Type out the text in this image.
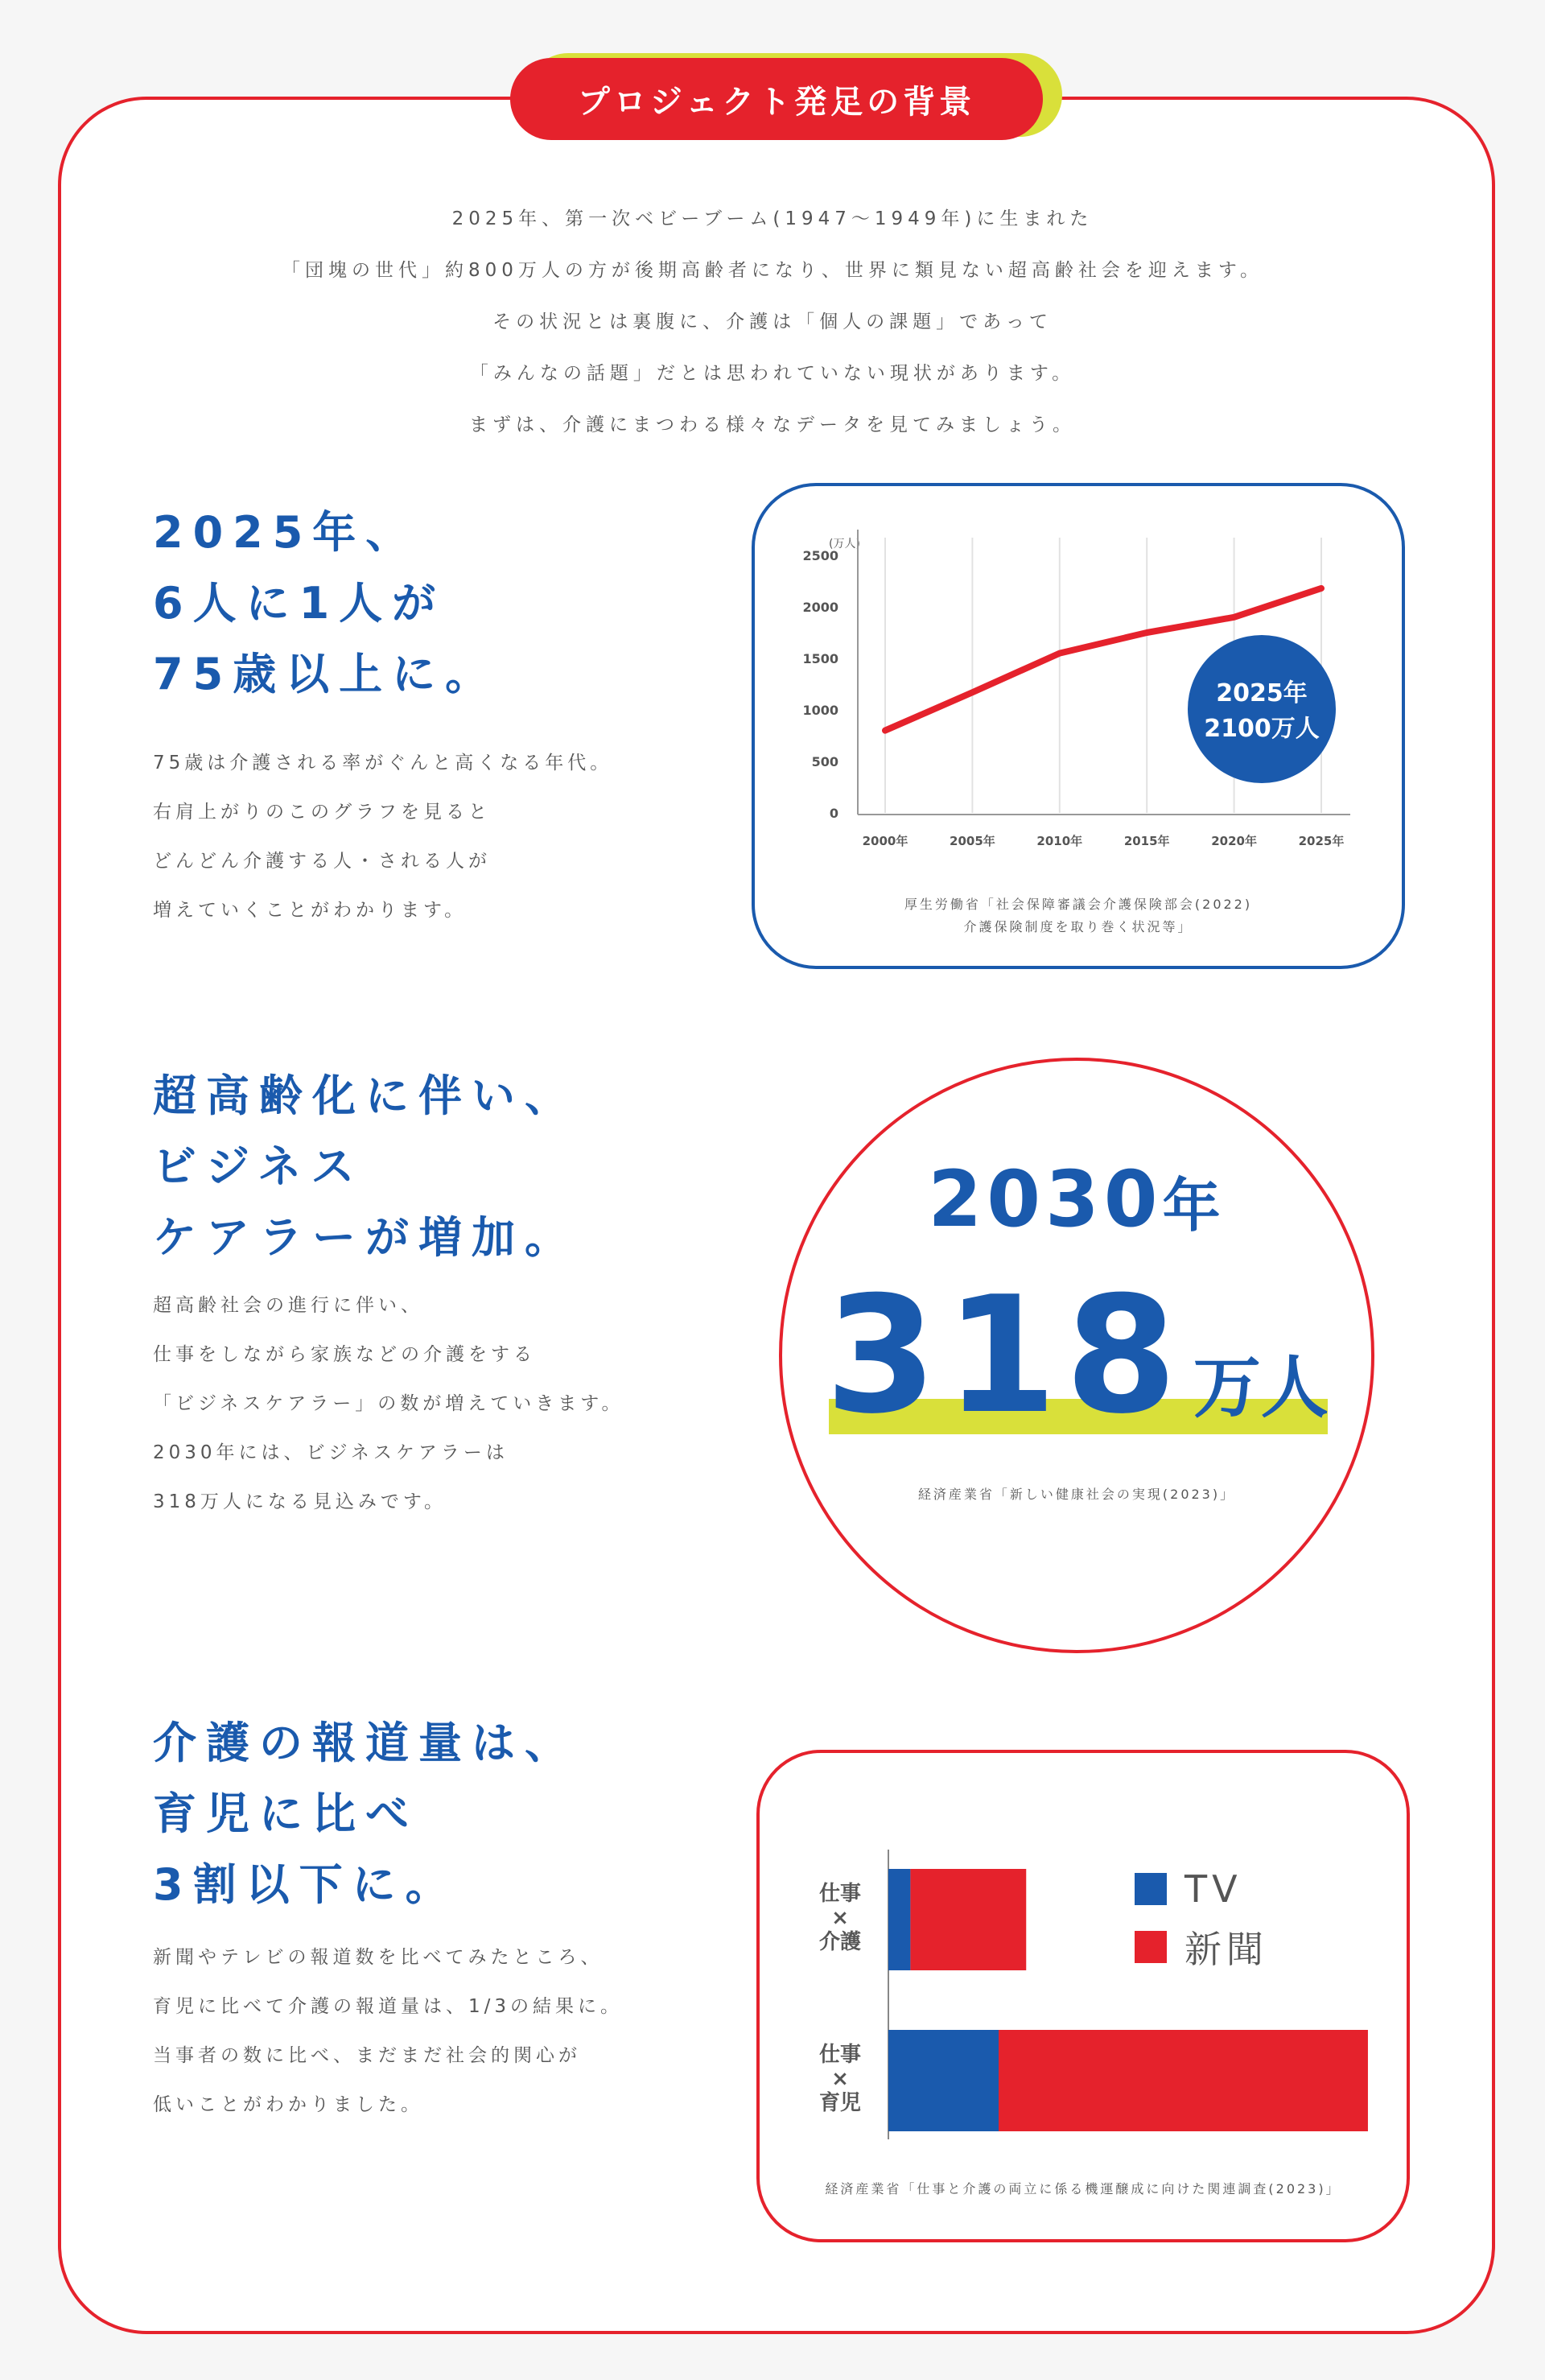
プロジェクト発足の背景
2025年、第一次ベビーブーム(1947〜1949年)に生まれた
「団塊の世代」約800万人の方が後期高齢者になり、世界に類見ない超高齢社会を迎えます。
その状況とは裏腹に、介護は「個人の課題」であって
「みんなの話題」だとは思われていない現状があります。
まずは、介護にまつわる様々なデータを見てみましょう。
2025年、
6人に1人が
75歳以上に。
75歳は介護される率がぐんと高くなる年代。
右肩上がりのこのグラフを見ると
どんどん介護する人・される人が
増えていくことがわかります。
(万人)
2000年	2005年	2010年	2015年	2020年	2025年
0
500
1000
1500
2000
2500
2025年
2100万人
厚生労働省「社会保障審議会介護保険部会(2022)
介護保険制度を取り巻く状況等」
超高齢化に伴い、
ビジネス
ケアラーが増加。
超高齢社会の進行に伴い、
仕事をしながら家族などの介護をする
「ビジネスケアラー」の数が増えていきます。
2030年には、ビジネスケアラーは
318万人になる見込みです。
2030年
318 万人
経済産業省「新しい健康社会の実現(2023)」
介護の報道量は、
育児に比べ
3割以下に。
新聞やテレビの報道数を比べてみたところ、
育児に比べて介護の報道量は、1/3の結果に。
当事者の数に比べ、まだまだ社会的関心が
低いことがわかりました。
仕事
×
介護
仕事
×
育児
TV
新聞
経済産業省「仕事と介護の両立に係る機運醸成に向けた関連調査(2023)」
